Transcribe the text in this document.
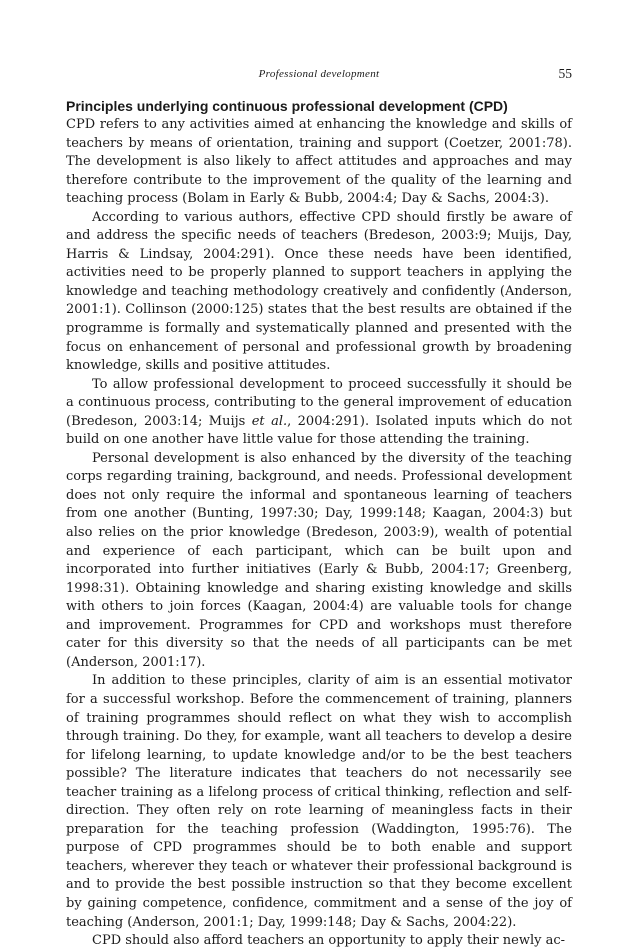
Professional development	55
Principles underlying continuous professional development (CPD)

CPD refers to any activities aimed at enhancing the knowledge and skills of teachers by means of orientation, training and support (Coetzer, 2001:78). The development is also likely to affect attitudes and approaches and may therefore contribute to the improvement of the quality of the learning and teaching process (Bolam in Early & Bubb, 2004:4; Day & Sachs, 2004:3).

According to various authors, effective CPD should firstly be aware of and address the specific needs of teachers (Bredeson, 2003:9; Muijs, Day, Harris & Lindsay, 2004:291). Once these needs have been identified, activities need to be properly planned to support teachers in applying the knowledge and teaching methodology creatively and confidently (Anderson, 2001:1). Collinson (2000:125) states that the best results are obtained if the programme is formally and systematically planned and presented with the focus on enhancement of personal and professional growth by broadening knowledge, skills and positive attitudes.

To allow professional development to proceed successfully it should be a continuous process, contributing to the general improvement of education (Bredeson, 2003:14; Muijs et al., 2004:291). Isolated inputs which do not build on one another have little value for those attending the training.

Personal development is also enhanced by the diversity of the teaching corps regarding training, background, and needs. Professional development does not only require the informal and spontaneous learning of teachers from one another (Bunting, 1997:30; Day, 1999:148; Kaagan, 2004:3) but also relies on the prior knowledge (Bredeson, 2003:9), wealth of potential and experience of each participant, which can be built upon and incorporated into further initiatives (Early & Bubb, 2004:17; Greenberg, 1998:31). Obtaining knowledge and sharing existing knowledge and skills with others to join forces (Kaagan, 2004:4) are valuable tools for change and improvement. Programmes for CPD and workshops must therefore cater for this diversity so that the needs of all participants can be met (Anderson, 2001:17).

In addition to these principles, clarity of aim is an essential motivator for a successful workshop. Before the commencement of training, planners of training programmes should reflect on what they wish to accomplish through training. Do they, for example, want all teachers to develop a desire for lifelong learning, to update knowledge and/or to be the best teachers possible? The literature indicates that teachers do not necessarily see teacher training as a lifelong process of critical thinking, reflection and self-direction. They often rely on rote learning of meaningless facts in their preparation for the teaching profession (Waddington, 1995:76). The purpose of CPD programmes should be to both enable and support teachers, wherever they teach or whatever their professional background is and to provide the best possible instruction so that they become excellent by gaining competence, confidence, commitment and a sense of the joy of teaching (Anderson, 2001:1; Day, 1999:148; Day & Sachs, 2004:22).

CPD should also afford teachers an opportunity to apply their newly ac-
